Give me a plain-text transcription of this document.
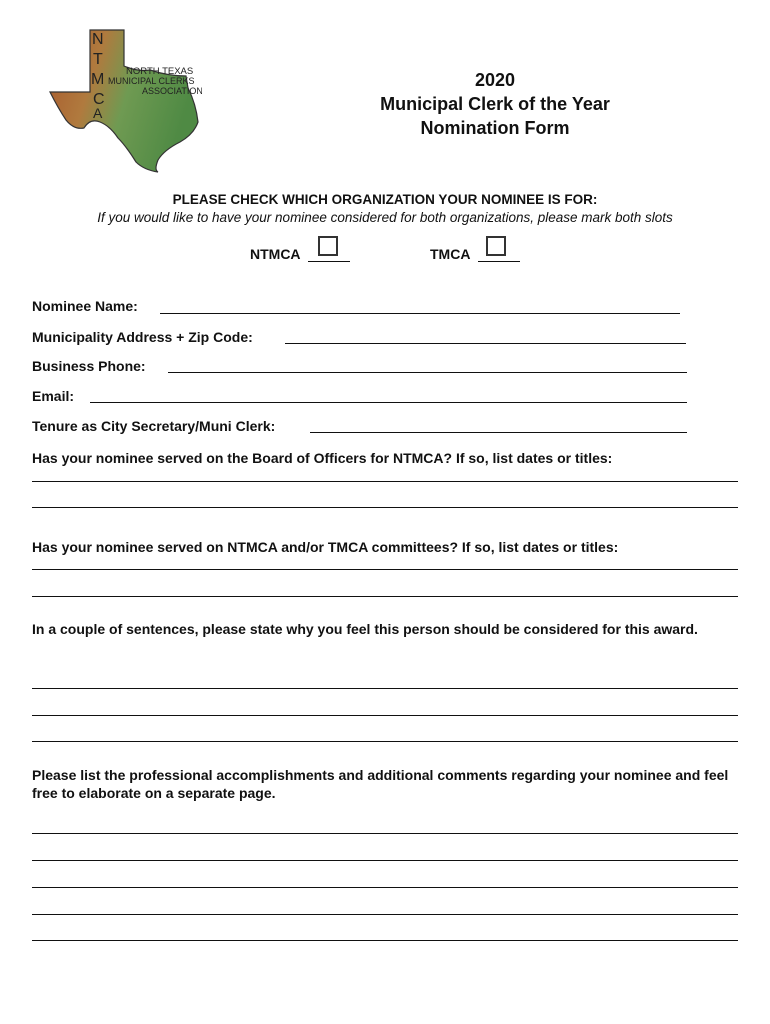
N
T
M
C
A
NORTH TEXAS
MUNICIPAL CLERKS
ASSOCIATION
2020
Municipal Clerk of the Year
Nomination Form
PLEASE CHECK WHICH ORGANIZATION YOUR NOMINEE IS FOR:
If you would like to have your nominee considered for both organizations, please mark both slots
NTMCA	TMCA
Nominee Name:
Municipality Address + Zip Code:
Business Phone:
Email:
Tenure as City Secretary/Muni Clerk:
Has your nominee served on the Board of Officers for NTMCA? If so, list dates or titles:
Has your nominee served on NTMCA and/or TMCA committees? If so, list dates or titles:
In a couple of sentences, please state why you feel this person should be considered for this award.
Please list the professional accomplishments and additional comments regarding your nominee and feel free to elaborate on a separate page.
